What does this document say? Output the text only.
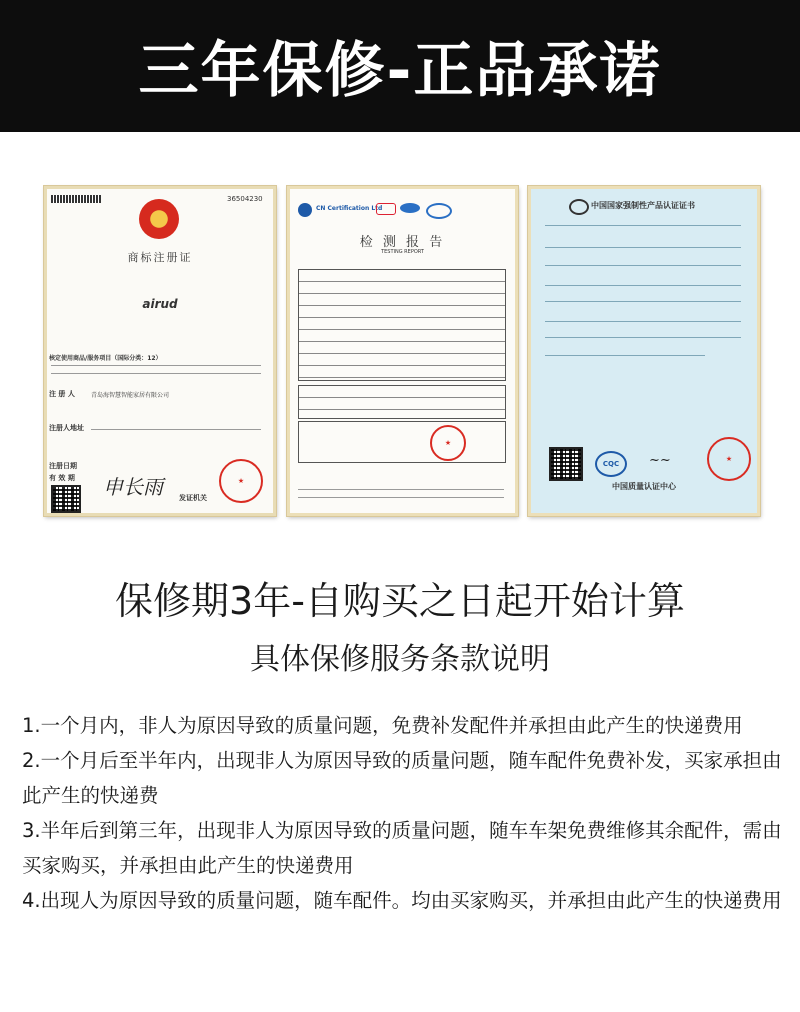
三年保修-正品承诺
36504230
商标注册证
airud
核定使用商品/服务项目（国际分类：12）
注 册 人	青岛海智慧智能家居有限公司
注册人地址
注册日期
有 效 期 申长雨 发证机关
★
CN Certification Ltd
检 测 报 告
TESTING REPORT
★
中国国家强制性产品认证证书
CQC	~~	★
中国质量认证中心
保修期3年-自购买之日起开始计算
具体保修服务条款说明
1.一个月内，非人为原因导致的质量问题，免费补发配件并承担由此产生的快递费用
2.一个月后至半年内，出现非人为原因导致的质量问题，随车配件免费补发，买家承担由此产生的快递费
3.半年后到第三年，出现非人为原因导致的质量问题，随车车架免费维修其余配件，需由买家购买，并承担由此产生的快递费用
4.出现人为原因导致的质量问题，随车配件。均由买家购买，并承担由此产生的快递费用
